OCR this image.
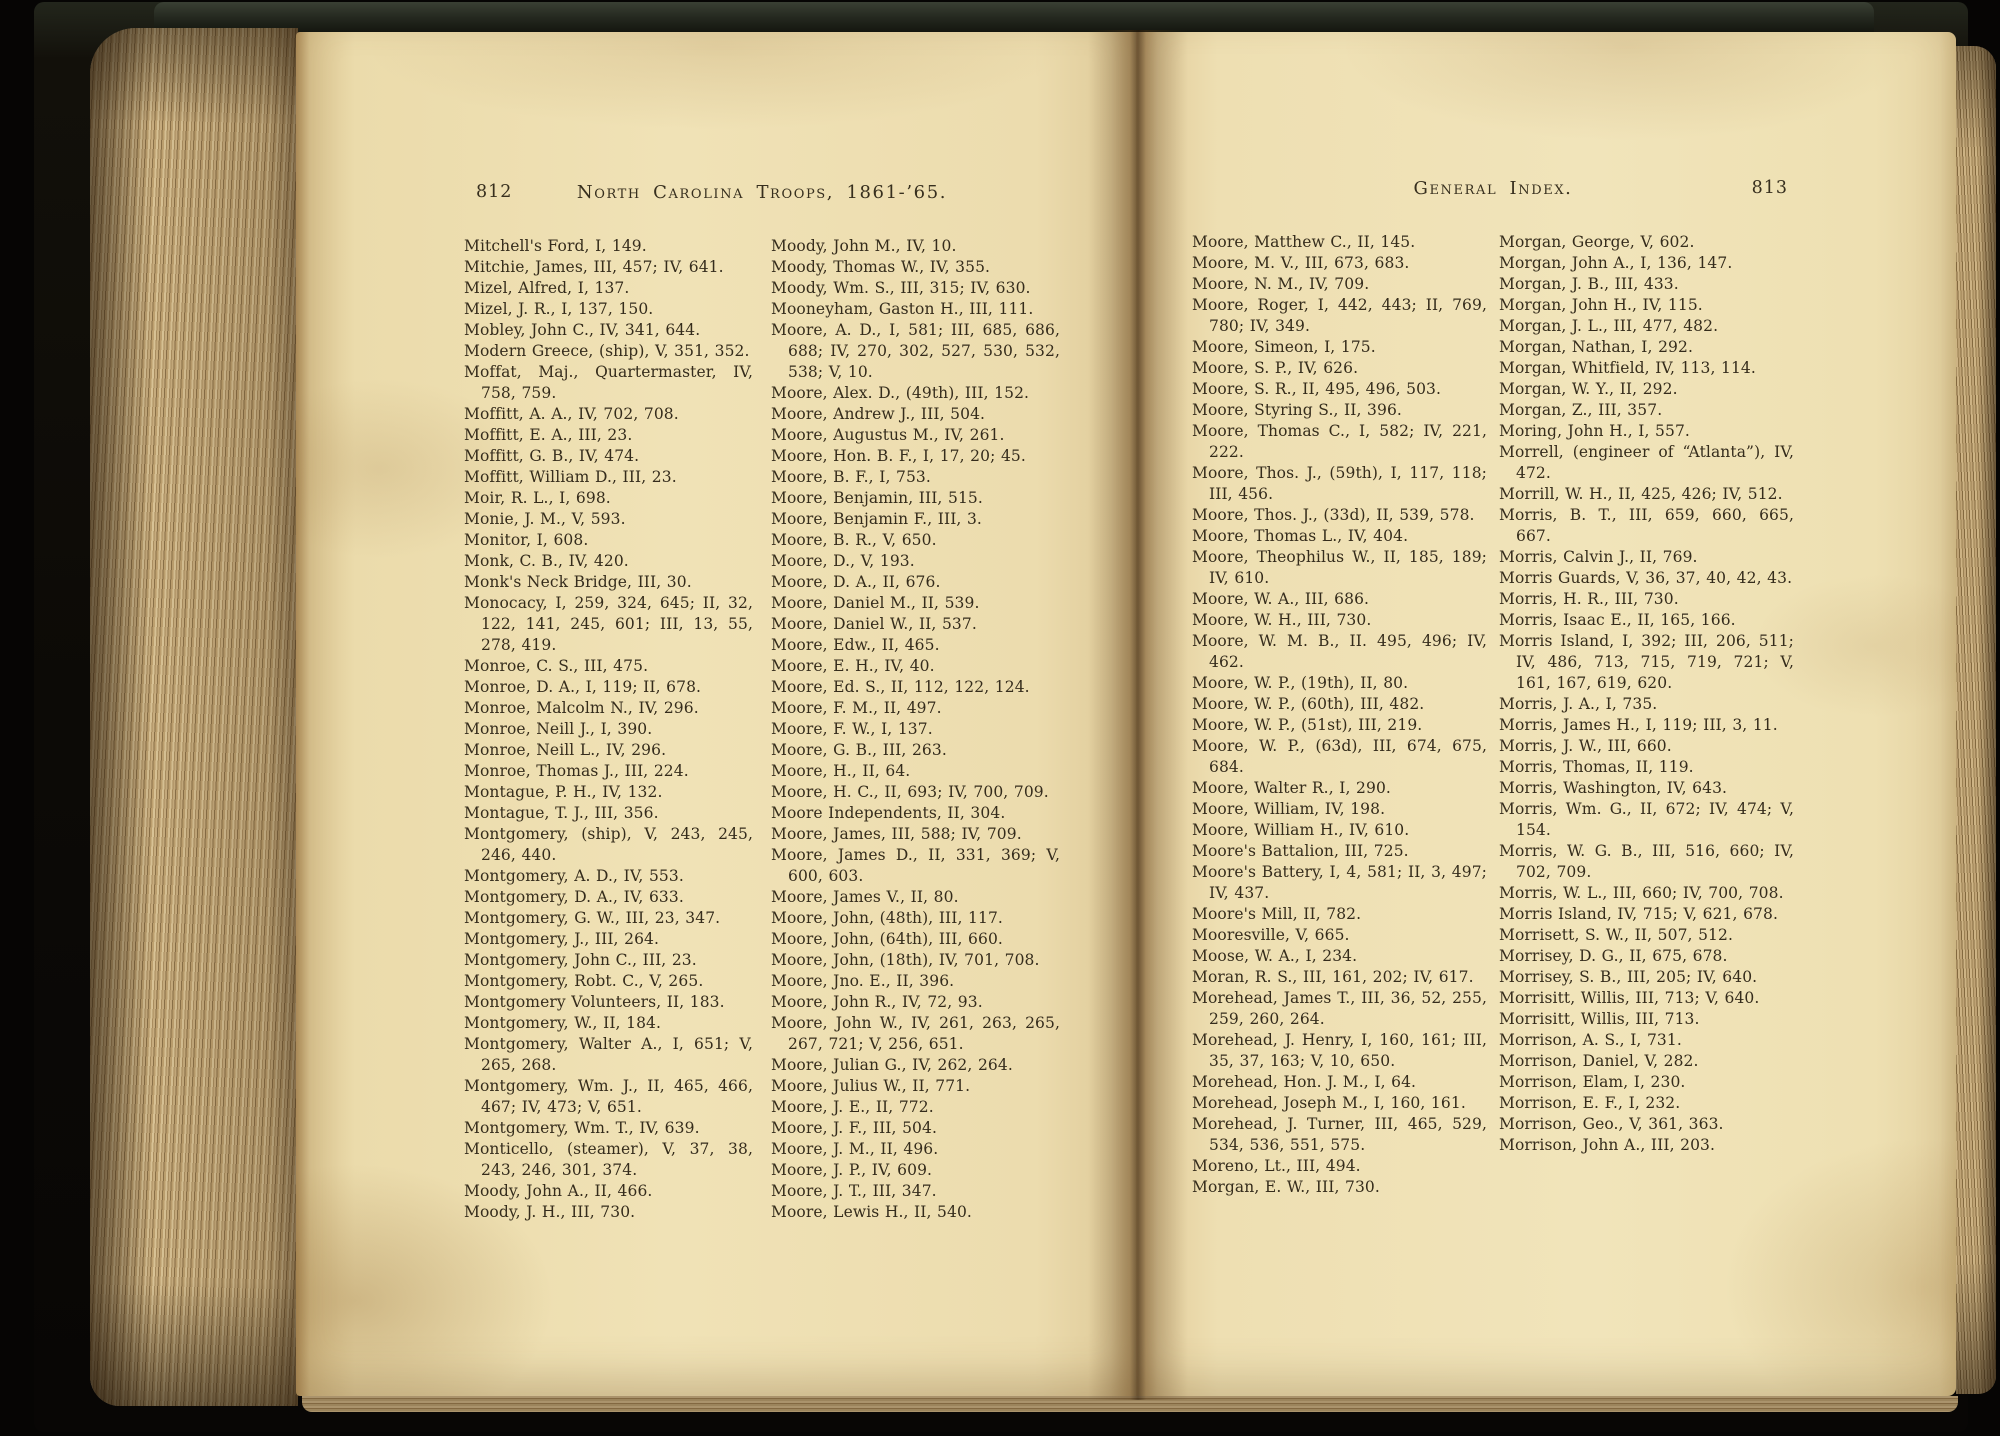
812	North Carolina Troops, 1861-’65.
Mitchell's Ford, I, 149.
Mitchie, James, III, 457; IV, 641.
Mizel, Alfred, I, 137.
Mizel, J. R., I, 137, 150.
Mobley, John C., IV, 341, 644.
Modern Greece, (ship), V, 351, 352.
Moffat, Maj., Quartermaster, IV, 758, 759.
Moffitt, A. A., IV, 702, 708.
Moffitt, E. A., III, 23.
Moffitt, G. B., IV, 474.
Moffitt, William D., III, 23.
Moir, R. L., I, 698.
Monie, J. M., V, 593.
Monitor, I, 608.
Monk, C. B., IV, 420.
Monk's Neck Bridge, III, 30.
Monocacy, I, 259, 324, 645; II, 32, 122, 141, 245, 601; III, 13, 55, 278, 419.
Monroe, C. S., III, 475.
Monroe, D. A., I, 119; II, 678.
Monroe, Malcolm N., IV, 296.
Monroe, Neill J., I, 390.
Monroe, Neill L., IV, 296.
Monroe, Thomas J., III, 224.
Montague, P. H., IV, 132.
Montague, T. J., III, 356.
Montgomery, (ship), V, 243, 245, 246, 440.
Montgomery, A. D., IV, 553.
Montgomery, D. A., IV, 633.
Montgomery, G. W., III, 23, 347.
Montgomery, J., III, 264.
Montgomery, John C., III, 23.
Montgomery, Robt. C., V, 265.
Montgomery Volunteers, II, 183.
Montgomery, W., II, 184.
Montgomery, Walter A., I, 651; V, 265, 268.
Montgomery, Wm. J., II, 465, 466, 467; IV, 473; V, 651.
Montgomery, Wm. T., IV, 639.
Monticello, (steamer), V, 37, 38, 243, 246, 301, 374.
Moody, John A., II, 466.
Moody, J. H., III, 730.
Moody, John M., IV, 10.
Moody, Thomas W., IV, 355.
Moody, Wm. S., III, 315; IV, 630.
Mooneyham, Gaston H., III, 111.
Moore, A. D., I, 581; III, 685, 686, 688; IV, 270, 302, 527, 530, 532, 538; V, 10.
Moore, Alex. D., (49th), III, 152.
Moore, Andrew J., III, 504.
Moore, Augustus M., IV, 261.
Moore, Hon. B. F., I, 17, 20; 45.
Moore, B. F., I, 753.
Moore, Benjamin, III, 515.
Moore, Benjamin F., III, 3.
Moore, B. R., V, 650.
Moore, D., V, 193.
Moore, D. A., II, 676.
Moore, Daniel M., II, 539.
Moore, Daniel W., II, 537.
Moore, Edw., II, 465.
Moore, E. H., IV, 40.
Moore, Ed. S., II, 112, 122, 124.
Moore, F. M., II, 497.
Moore, F. W., I, 137.
Moore, G. B., III, 263.
Moore, H., II, 64.
Moore, H. C., II, 693; IV, 700, 709.
Moore Independents, II, 304.
Moore, James, III, 588; IV, 709.
Moore, James D., II, 331, 369; V, 600, 603.
Moore, James V., II, 80.
Moore, John, (48th), III, 117.
Moore, John, (64th), III, 660.
Moore, John, (18th), IV, 701, 708.
Moore, Jno. E., II, 396.
Moore, John R., IV, 72, 93.
Moore, John W., IV, 261, 263, 265, 267, 721; V, 256, 651.
Moore, Julian G., IV, 262, 264.
Moore, Julius W., II, 771.
Moore, J. E., II, 772.
Moore, J. F., III, 504.
Moore, J. M., II, 496.
Moore, J. P., IV, 609.
Moore, J. T., III, 347.
Moore, Lewis H., II, 540.
General Index.	813
Moore, Matthew C., II, 145.
Moore, M. V., III, 673, 683.
Moore, N. M., IV, 709.
Moore, Roger, I, 442, 443; II, 769, 780; IV, 349.
Moore, Simeon, I, 175.
Moore, S. P., IV, 626.
Moore, S. R., II, 495, 496, 503.
Moore, Styring S., II, 396.
Moore, Thomas C., I, 582; IV, 221, 222.
Moore, Thos. J., (59th), I, 117, 118; III, 456.
Moore, Thos. J., (33d), II, 539, 578.
Moore, Thomas L., IV, 404.
Moore, Theophilus W., II, 185, 189; IV, 610.
Moore, W. A., III, 686.
Moore, W. H., III, 730.
Moore, W. M. B., II. 495, 496; IV, 462.
Moore, W. P., (19th), II, 80.
Moore, W. P., (60th), III, 482.
Moore, W. P., (51st), III, 219.
Moore, W. P., (63d), III, 674, 675, 684.
Moore, Walter R., I, 290.
Moore, William, IV, 198.
Moore, William H., IV, 610.
Moore's Battalion, III, 725.
Moore's Battery, I, 4, 581; II, 3, 497; IV, 437.
Moore's Mill, II, 782.
Mooresville, V, 665.
Moose, W. A., I, 234.
Moran, R. S., III, 161, 202; IV, 617.
Morehead, James T., III, 36, 52, 255, 259, 260, 264.
Morehead, J. Henry, I, 160, 161; III, 35, 37, 163; V, 10, 650.
Morehead, Hon. J. M., I, 64.
Morehead, Joseph M., I, 160, 161.
Morehead, J. Turner, III, 465, 529, 534, 536, 551, 575.
Moreno, Lt., III, 494.
Morgan, E. W., III, 730.
Morgan, George, V, 602.
Morgan, John A., I, 136, 147.
Morgan, J. B., III, 433.
Morgan, John H., IV, 115.
Morgan, J. L., III, 477, 482.
Morgan, Nathan, I, 292.
Morgan, Whitfield, IV, 113, 114.
Morgan, W. Y., II, 292.
Morgan, Z., III, 357.
Moring, John H., I, 557.
Morrell, (engineer of “Atlanta”), IV, 472.
Morrill, W. H., II, 425, 426; IV, 512.
Morris, B. T., III, 659, 660, 665, 667.
Morris, Calvin J., II, 769.
Morris Guards, V, 36, 37, 40, 42, 43.
Morris, H. R., III, 730.
Morris, Isaac E., II, 165, 166.
Morris Island, I, 392; III, 206, 511; IV, 486, 713, 715, 719, 721; V, 161, 167, 619, 620.
Morris, J. A., I, 735.
Morris, James H., I, 119; III, 3, 11.
Morris, J. W., III, 660.
Morris, Thomas, II, 119.
Morris, Washington, IV, 643.
Morris, Wm. G., II, 672; IV, 474; V, 154.
Morris, W. G. B., III, 516, 660; IV, 702, 709.
Morris, W. L., III, 660; IV, 700, 708.
Morris Island, IV, 715; V, 621, 678.
Morrisett, S. W., II, 507, 512.
Morrisey, D. G., II, 675, 678.
Morrisey, S. B., III, 205; IV, 640.
Morrisitt, Willis, III, 713; V, 640.
Morrisitt, Willis, III, 713.
Morrison, A. S., I, 731.
Morrison, Daniel, V, 282.
Morrison, Elam, I, 230.
Morrison, E. F., I, 232.
Morrison, Geo., V, 361, 363.
Morrison, John A., III, 203.
